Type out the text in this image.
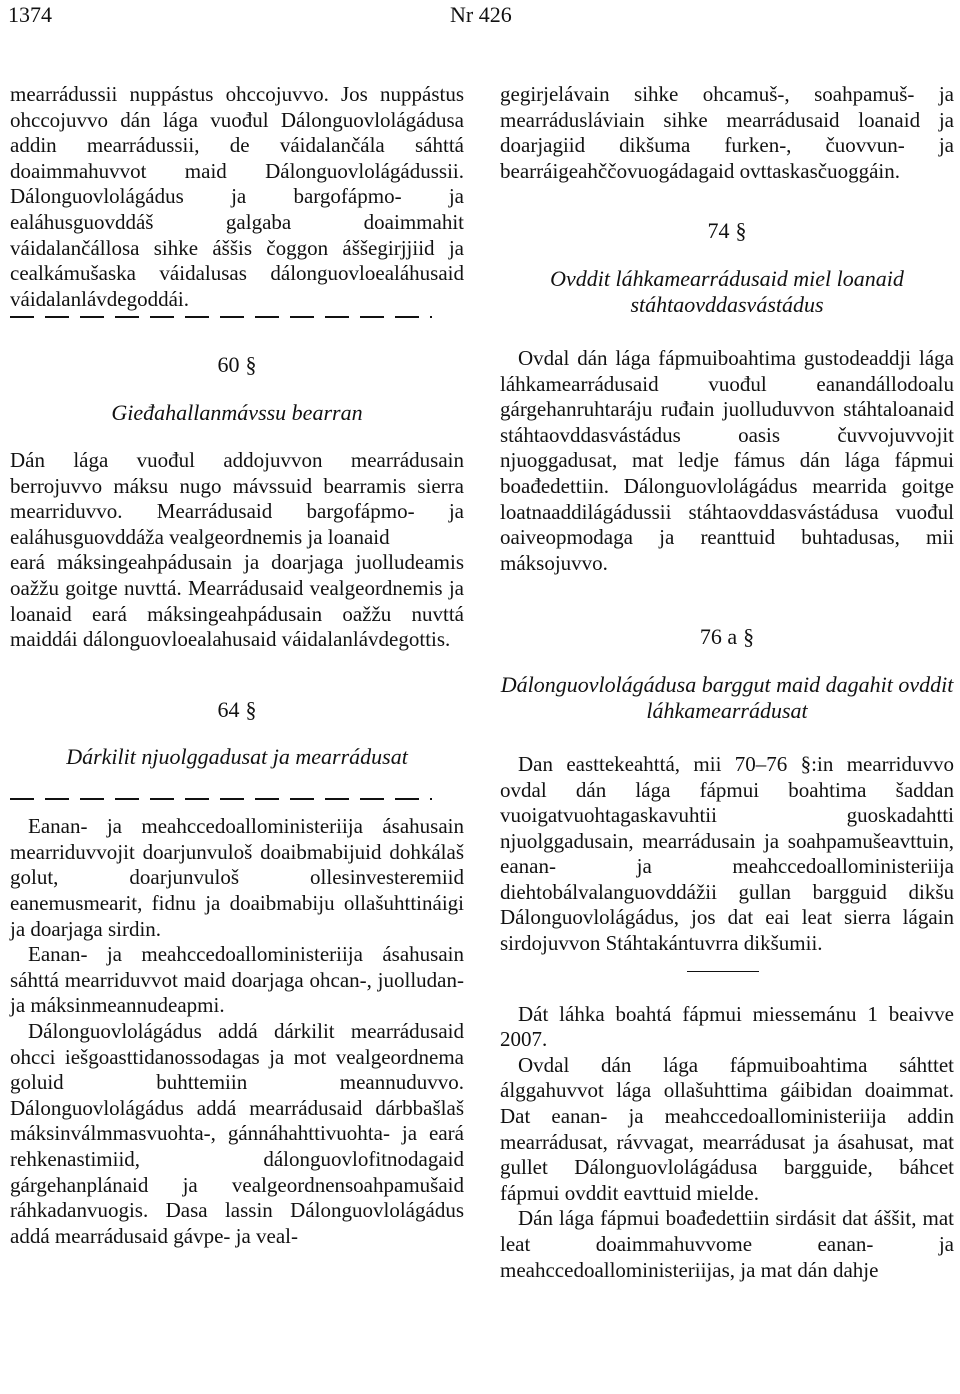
1374	Nr 426

mearrádussii nuppástus ohccojuvvo. Jos nuppástus ohccojuvvo dán lága vuođul Dálonguovlolágádusa addin mearrádussii, de váidalančála sáhttá doaimmahuvvot maid Dálonguovlolágádussii. Dálonguovlolágádus ja bargofápmo- ja ealáhusguovddáš galgaba doaimmahit váidalančállosa sihke áššis čoggon áššegirjjiid ja cealkámušaska váidalusas dálonguovloealáhusaid váidalanlávdegoddái.

60 §
Gieđahallanmávssu bearran

Dán lága vuođul addojuvvon mearrádusain berrojuvvo máksu nugo mávssuid bearramis sierra mearriduvvo. Mearrádusaid bargofápmo- ja ealáhusguovddáža vealgeordnemis ja loanaid

eará máksingeahpádusain ja doarjaga juolludeamis oažžu goitge nuvttá. Mearrádusaid vealgeordnemis ja loanaid eará máksingeahpádusain oažžu nuvttá maiddái dálonguovloealahusaid váidalanlávdegottis.

64 §
Dárkilit njuolggadusat ja mearrádusat

Eanan- ja meahccedoalloministeriija ásahusain mearriduvvojit doarjunvuloš doaibmabijuid dohkálaš golut, doarjunvuloš ollesinvesteremiid eanemusmearit, fidnu ja doaibmabiju ollašuhttináigi ja doarjaga sirdin.

Eanan- ja meahccedoalloministeriija ásahusain sáhttá mearriduvvot maid doarjaga ohcan-, juolludan- ja máksinmeannudeapmi.

Dálonguovlolágádus addá dárkilit mearrádusaid ohcci iešgoasttidanossodagas ja mot vealgeordnema goluid buhttemiin meannuduvvo. Dálonguovlolágádus addá mearrádusaid dárbbašlaš máksinválmmasvuohta-, gánnáhahttivuohta- ja eará rehkenastimiid, dálonguovlofitnodagaid gárgehanplánaid ja vealgeordnensoahpamušaid ráhkadanvuogis. Dasa lassin Dálonguovlolágádus addá mearrádusaid gávpe- ja veal-

gegirjelávain sihke ohcamuš-, soahpamuš- ja mearrádusláviain sihke mearrádusaid loanaid ja doarjagiid dikšuma furken-, čuovvun- ja bearráigeahččovuogádagaid ovttaskasčuoggáin.

74 §
Ovddit láhkamearrádusaid miel loanaid stáhtaovddasvástádus

Ovdal dán lága fápmuiboahtima gustodeaddji lága láhkamearrádusaid vuođul eanandállodoalu gárgehanruhtaráju ruđain juolluduvvon stáhtaloanaid stáhtaovddasvástádus oasis čuvvojuvvojit njuoggadusat, mat ledje fámus dán lága fápmui boađedettiin. Dálonguovlolágádus mearrida goitge loatnaaddilágádussii stáhtaovddasvástádusa vuođul oaiveopmodaga ja reanttuid buhtadusas, mii máksojuvvo.

76 a §
Dálonguovlolágádusa barggut maid dagahit ovddit láhkamearrádusat

Dan easttekeahttá, mii 70–76 §:in mearriduvvo ovdal dán lága fápmui boahtima šaddan vuoigatvuohtagaskavuhtii guoskadahtti njuolggadusain, mearrádusain ja soahpamušeavttuin, eanan- ja meahccedoalloministeriija diehtobálvalanguovddážii gullan bargguid dikšu Dálonguovlolágádus, jos dat eai leat sierra lágain sirdojuvvon Stáhtakántuvrra dikšumii.

Dát láhka boahtá fápmui miessemánu 1 beaivve 2007.

Ovdal dán lága fápmuiboahtima sáhttet álggahuvvot lága ollašuhttima gáibidan doaimmat. Dat eanan- ja meahccedoalloministeriija addin mearrádusat, rávvagat, mearrádusat ja ásahusat, mat gullet Dálonguovlolágádusa bargguide, báhcet fápmui ovddit eavttuid mielde.

Dán lága fápmui boađedettiin sirdásit dat áššit, mat leat doaimmahuvvome eanan- ja meahccedoalloministeriijas, ja mat dán dahje
